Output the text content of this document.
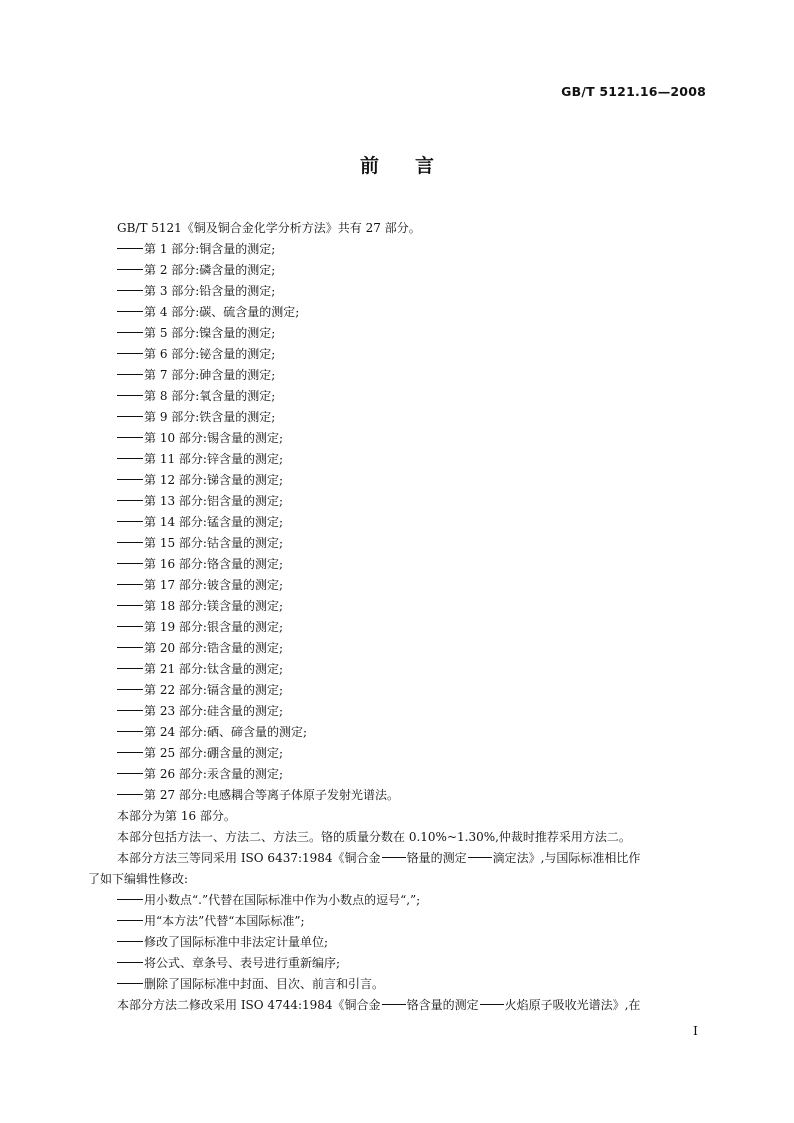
GB/T 5121.16—2008
前言
GB/T 5121《铜及铜合金化学分析方法》共有 27 部分。
第 1 部分:铜含量的测定;
第 2 部分:磷含量的测定;
第 3 部分:铅含量的测定;
第 4 部分:碳、硫含量的测定;
第 5 部分:镍含量的测定;
第 6 部分:铋含量的测定;
第 7 部分:砷含量的测定;
第 8 部分:氧含量的测定;
第 9 部分:铁含量的测定;
第 10 部分:锡含量的测定;
第 11 部分:锌含量的测定;
第 12 部分:锑含量的测定;
第 13 部分:铝含量的测定;
第 14 部分:锰含量的测定;
第 15 部分:钴含量的测定;
第 16 部分:铬含量的测定;
第 17 部分:铍含量的测定;
第 18 部分:镁含量的测定;
第 19 部分:银含量的测定;
第 20 部分:锆含量的测定;
第 21 部分:钛含量的测定;
第 22 部分:镉含量的测定;
第 23 部分:硅含量的测定;
第 24 部分:硒、碲含量的测定;
第 25 部分:硼含量的测定;
第 26 部分:汞含量的测定;
第 27 部分:电感耦合等离子体原子发射光谱法。
本部分为第 16 部分。
本部分包括方法一、方法二、方法三。铬的质量分数在 0.10%~1.30%,仲裁时推荐采用方法二。
本部分方法三等同采用 ISO 6437:1984《铜合金 铬量的测定 滴定法》,与国际标准相比作
了如下编辑性修改:
用小数点“.”代替在国际标准中作为小数点的逗号“,”;
用“本方法”代替“本国际标准”;
修改了国际标准中非法定计量单位;
将公式、章条号、表号进行重新编序;
删除了国际标准中封面、目次、前言和引言。
本部分方法二修改采用 ISO 4744:1984《铜合金 铬含量的测定 火焰原子吸收光谱法》,在
I
